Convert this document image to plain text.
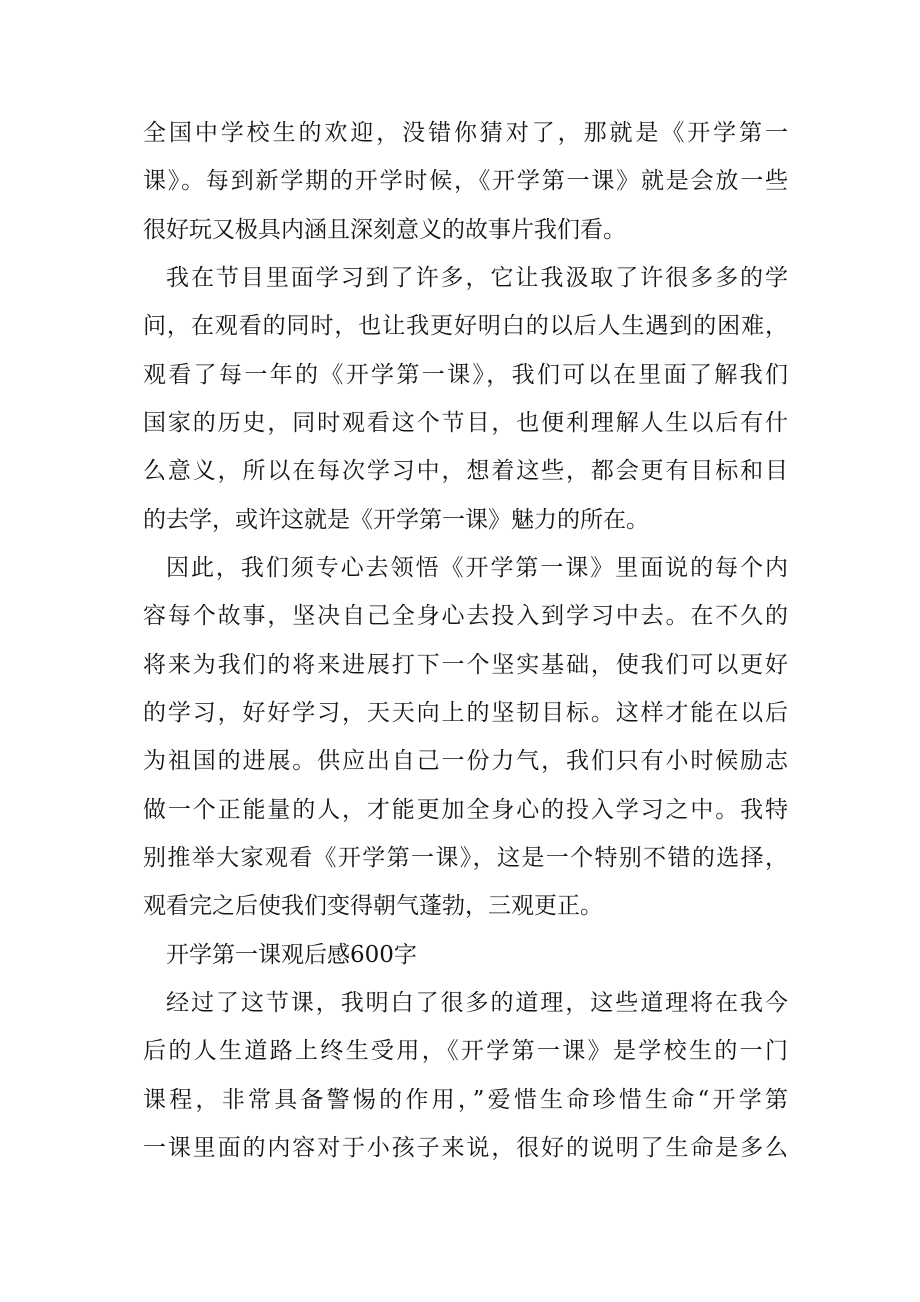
全国中学校生的欢迎，没错你猜对了，那就是《开学第一
课》。每到新学期的开学时候，《开学第一课》就是会放一些
很好玩又极具内涵且深刻意义的故事片我们看。
我在节目里面学习到了许多，它让我汲取了许很多多的学
问，在观看的同时，也让我更好明白的以后人生遇到的困难，
观看了每一年的《开学第一课》，我们可以在里面了解我们
国家的历史，同时观看这个节目，也便利理解人生以后有什
么意义，所以在每次学习中，想着这些，都会更有目标和目
的去学，或许这就是《开学第一课》魅力的所在。
因此，我们须专心去领悟《开学第一课》里面说的每个内
容每个故事，坚决自己全身心去投入到学习中去。在不久的
将来为我们的将来进展打下一个坚实基础，使我们可以更好
的学习，好好学习，天天向上的坚韧目标。这样才能在以后
为祖国的进展。供应出自己一份力气，我们只有小时候励志
做一个正能量的人，才能更加全身心的投入学习之中。我特
别推举大家观看《开学第一课》，这是一个特别不错的选择，
观看完之后使我们变得朝气蓬勃，三观更正。
开学第一课观后感600字
经过了这节课，我明白了很多的道理，这些道理将在我今
后的人生道路上终生受用，《开学第一课》是学校生的一门
课程，非常具备警惕的作用，”爱惜生命珍惜生命“开学第
一课里面的内容对于小孩子来说，很好的说明了生命是多么
